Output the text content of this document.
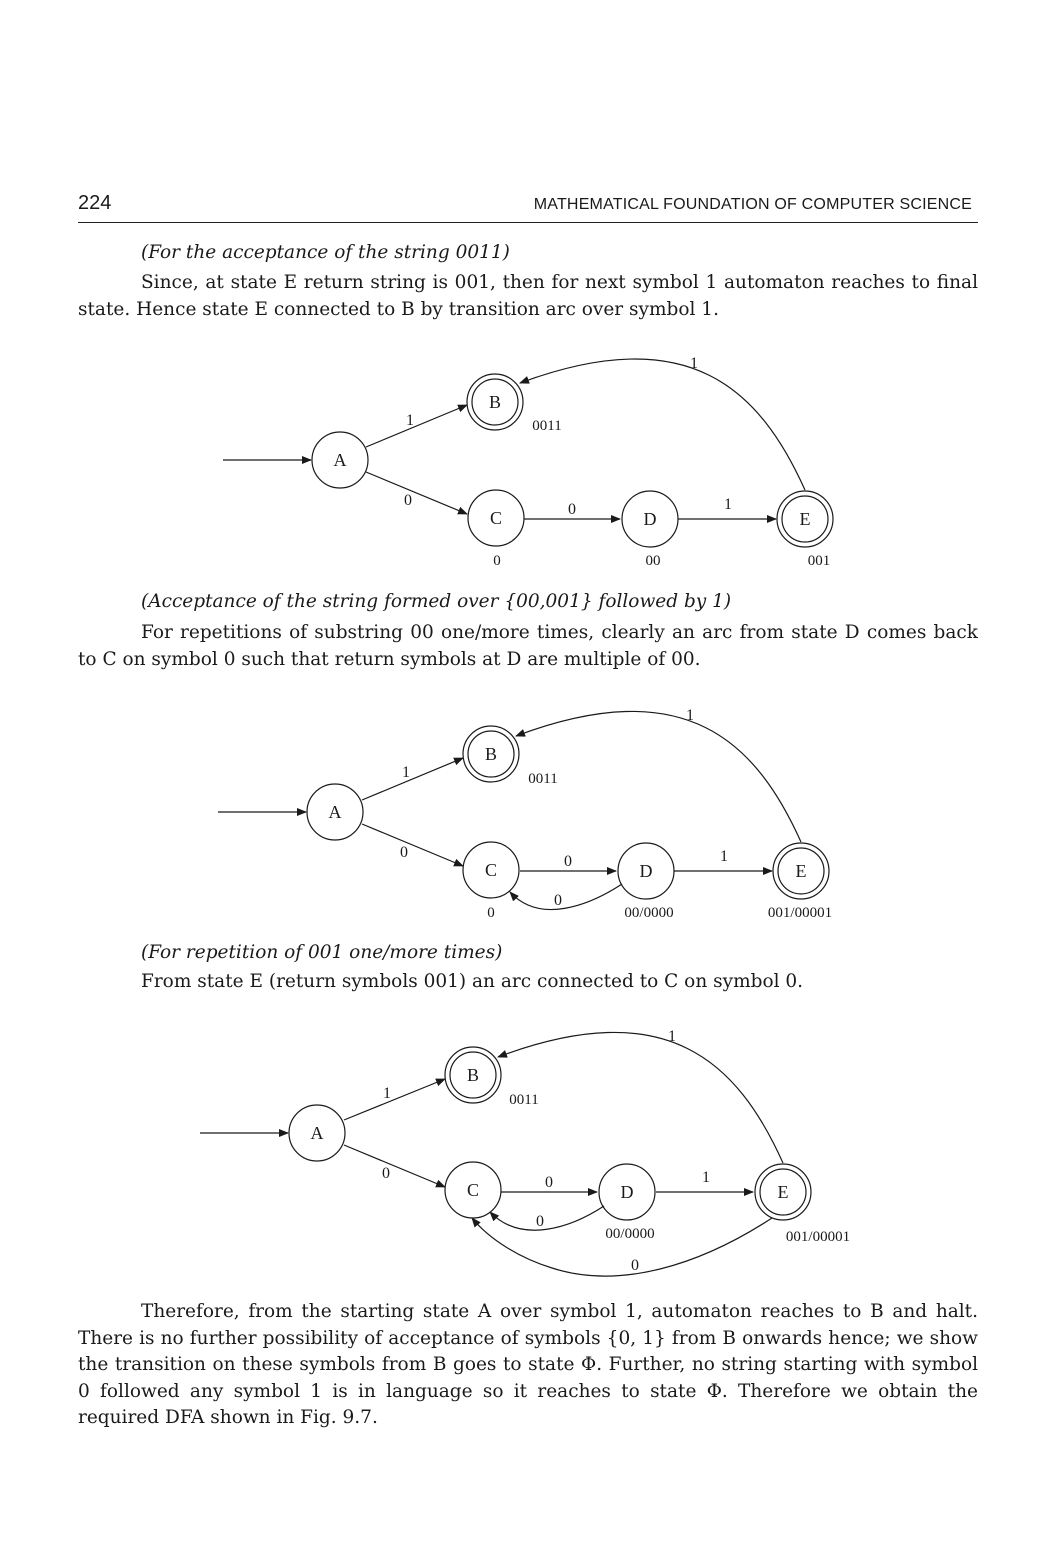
224	MATHEMATICAL FOUNDATION OF COMPUTER SCIENCE

(For the acceptance of the string 0011)

Since, at state E return string is 001, then for next symbol 1 automaton reaches to final state. Hence state E connected to B by transition arc over symbol 1.

A
B
C	D	E
1
0
0	1
1
0011
0	00	001

(Acceptance of the string formed over {00,001} followed by 1)

For repetitions of substring 00 one/more times, clearly an arc from state D comes back to C on symbol 0 such that return symbols at D are multiple of 00.

A
B
C	D	E
1
0
0	1
1
0
0011
0	00/0000	001/00001

(For repetition of 001 one/more times)

From state E (return symbols 001) an arc connected to C on symbol 0.

A
B
C	D	E
1
0
0	1
1
0
0
0011
00/0000	001/00001

Therefore, from the starting state A over symbol 1, automaton reaches to B and halt. There is no further possibility of acceptance of symbols {0, 1} from B onwards hence; we show the transition on these symbols from B goes to state Φ. Further, no string starting with symbol 0 followed any symbol 1 is in language so it reaches to state Φ. Therefore we obtain the required DFA shown in Fig. 9.7.
